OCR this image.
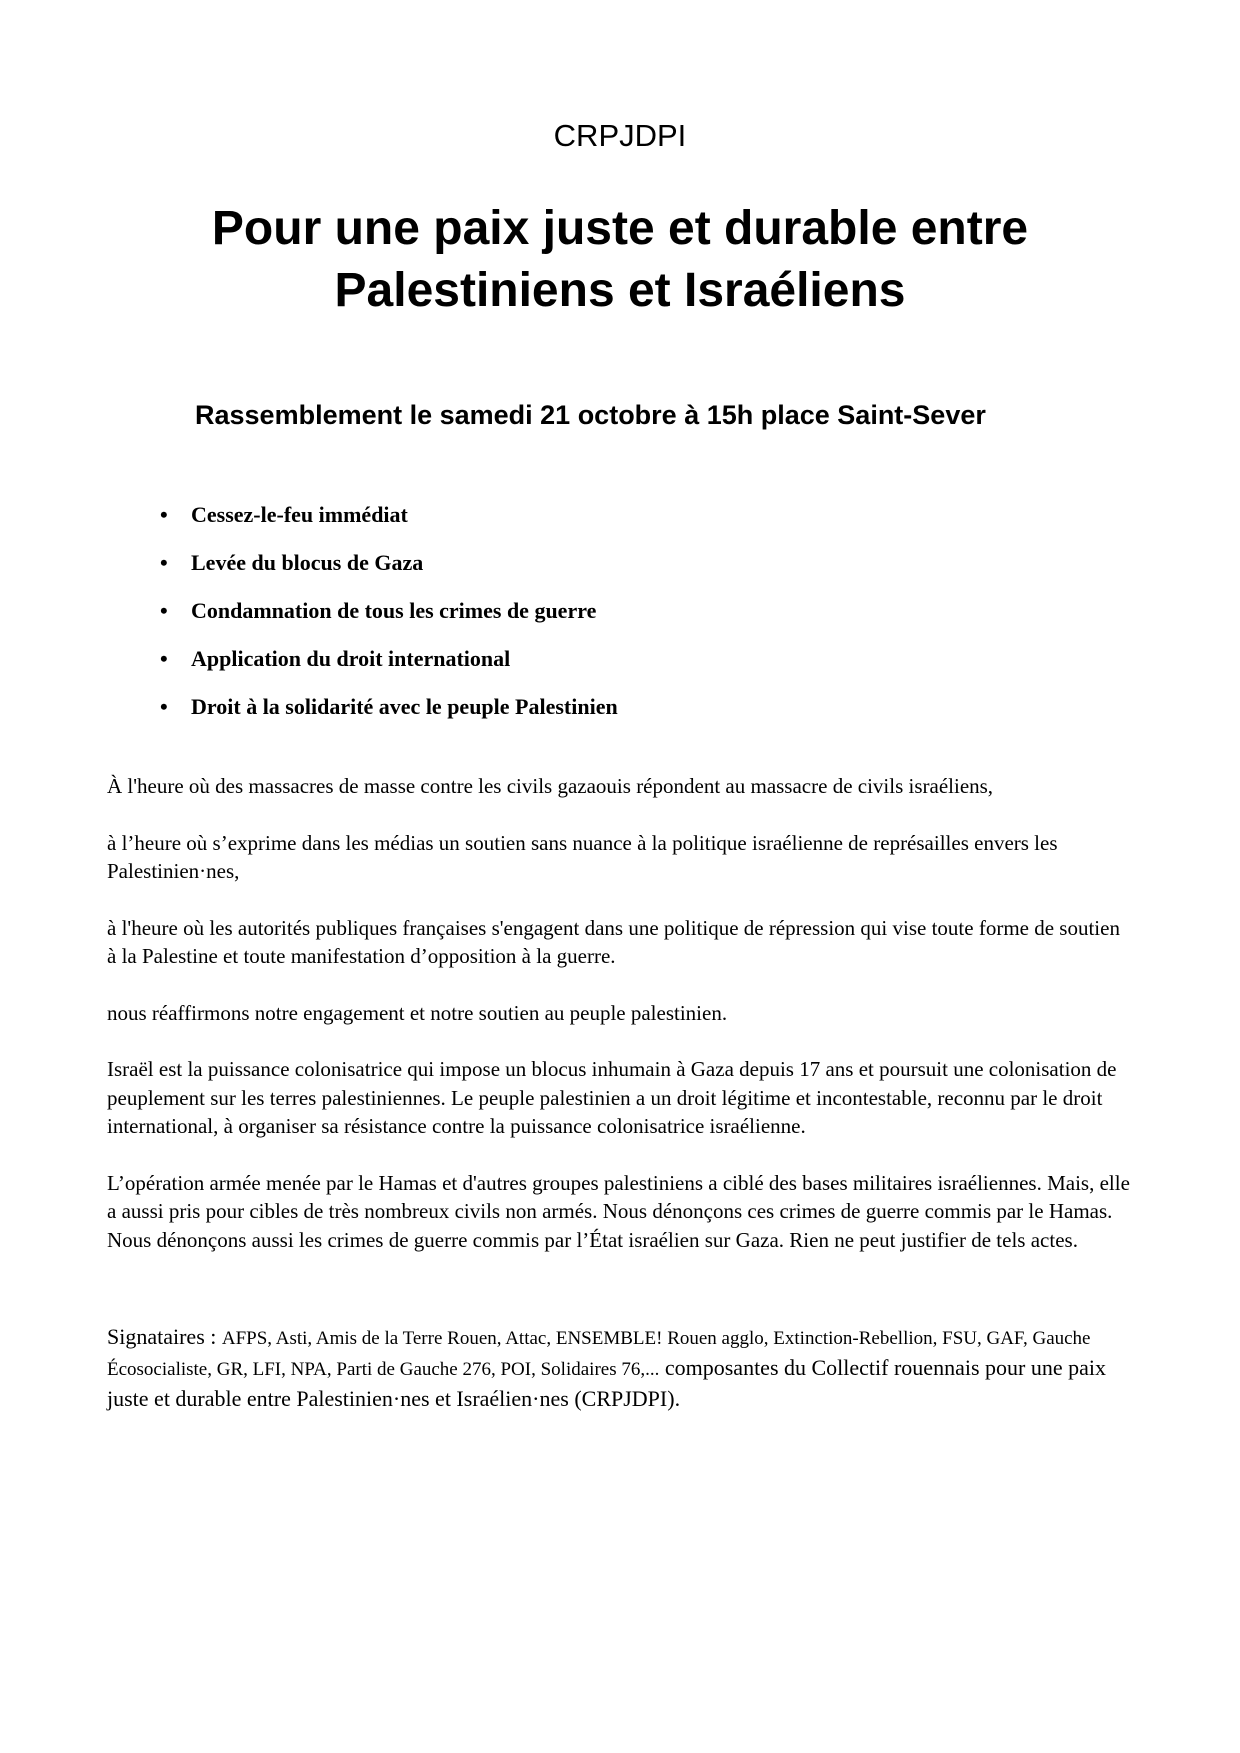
CRPJDPI
Pour une paix juste et durable entre
Palestiniens et Israéliens
Rassemblement le samedi 21 octobre à 15h place Saint-Sever
•	Cessez-le-feu immédiat
•	Levée du blocus de Gaza
•	Condamnation de tous les crimes de guerre
•	Application du droit international
•	Droit à la solidarité avec le peuple Palestinien

À l'heure où des massacres de masse contre les civils gazaouis répondent au massacre de civils israéliens,

à l’heure où s’exprime dans les médias un soutien sans nuance à la politique israélienne de représailles envers les Palestinien·nes,

à l'heure où les autorités publiques françaises s'engagent dans une politique de répression qui vise toute forme de soutien à la Palestine et toute manifestation d’opposition à la guerre.

nous réaffirmons notre engagement et notre soutien au peuple palestinien.

Israël est la puissance colonisatrice qui impose un blocus inhumain à Gaza depuis 17 ans et poursuit une colonisation de peuplement sur les terres palestiniennes. Le peuple palestinien a un droit légitime et incontestable, reconnu par le droit international, à organiser sa résistance contre la puissance colonisatrice israélienne.

L’opération armée menée par le Hamas et d'autres groupes palestiniens a ciblé des bases militaires israéliennes. Mais, elle a aussi pris pour cibles de très nombreux civils non armés. Nous dénonçons ces crimes de guerre commis par le Hamas. Nous dénonçons aussi les crimes de guerre commis par l’État israélien sur Gaza. Rien ne peut justifier de tels actes.

Signataires : AFPS, Asti, Amis de la Terre Rouen, Attac, ENSEMBLE! Rouen agglo, Extinction-Rebellion, FSU, GAF, Gauche Écosocialiste, GR, LFI, NPA, Parti de Gauche 276, POI, Solidaires 76,... composantes du Collectif rouennais pour une paix juste et durable entre Palestinien·nes et Israélien·nes (CRPJDPI).
